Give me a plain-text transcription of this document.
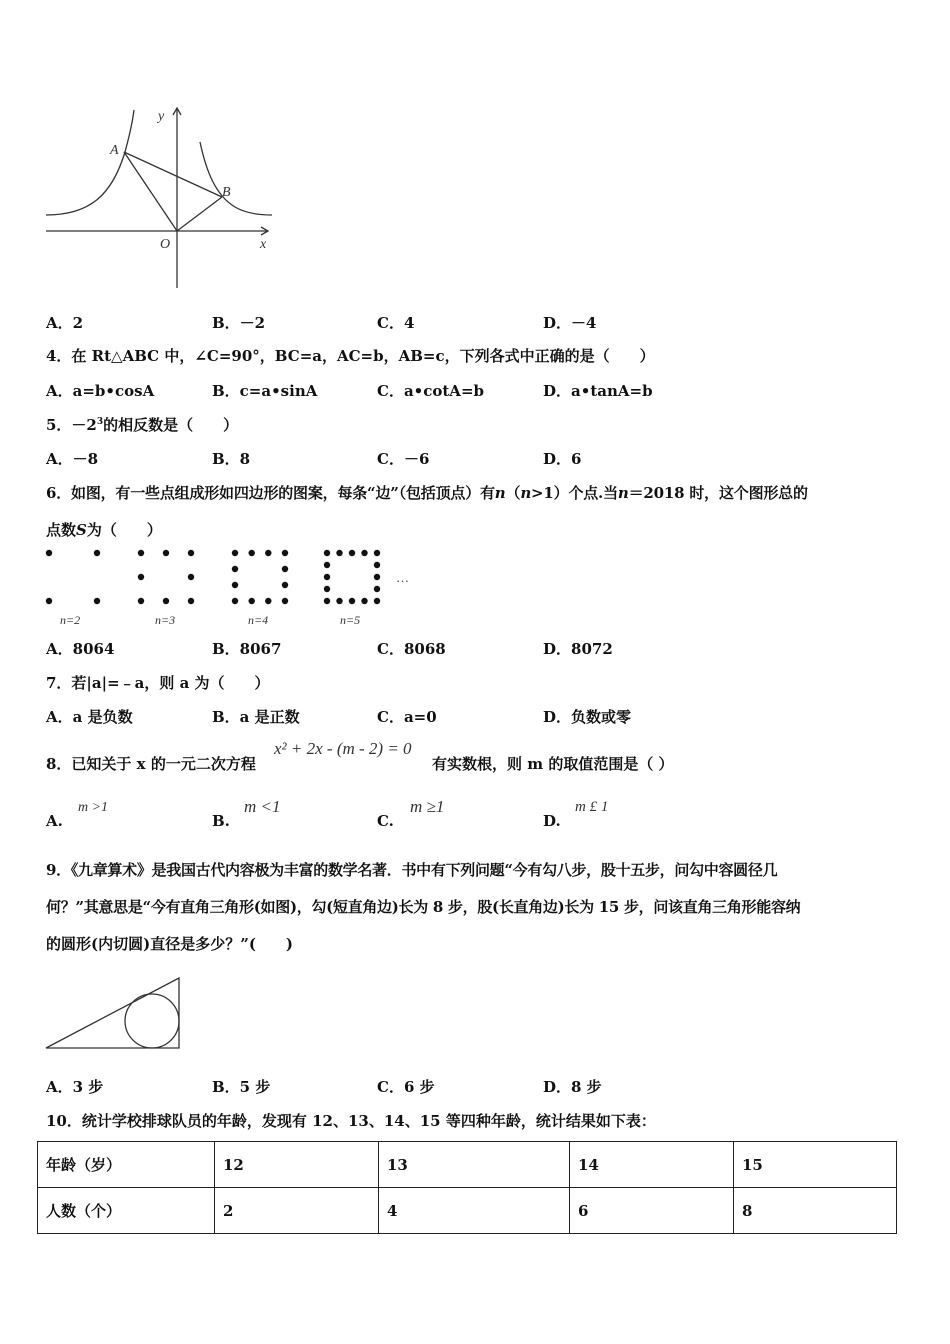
y
x
A
B
O
A．2	B．－2	C．4	D．－4
4．在 Rt△ABC 中，∠C=90°，BC=a，AC=b，AB=c，下列各式中正确的是（　　）
A．a=b•cosA	B．c=a•sinA	C．a•cotA=b	D．a•tanA=b
5．$-2^3$的相反数是（　　）
A．－8	B．8	C．－6	D．6
6．如图，有一些点组成形如四边形的图案，每条“边”（包括顶点）有n（n>1）个点.当n＝2018 时，这个图形总的
点数S为（　　）
…
n=2	n=3	n=4	n=5
A．8064	B．8067	C．8068	D．8072
7．若|a|=﹣a，则 a 为（　　）
A．a 是负数	B．a 是正数	C．a=0	D．负数或零
8．已知关于 x 的一元二次方程
x² + 2x - (m - 2) = 0
有实数根，则 m 的取值范围是（ ）
A.
m >1
B.
m <1
C.
m ≥1
D.
m £ 1
9．《九章算术》是我国古代内容极为丰富的数学名著．书中有下列问题“今有勾八步，股十五步，问勾中容圆径几
何？”其意思是“今有直角三角形(如图)，勾(短直角边)长为 8 步，股(长直角边)长为 15 步，问该直角三角形能容纳
的圆形(内切圆)直径是多少？”(　　)
A．3 步	B．5 步	C．6 步	D．8 步
10．统计学校排球队员的年龄，发现有 12、13、14、15 等四种年龄，统计结果如下表：
年龄（岁）	12	13	14	15
人数（个）	2	4	6	8
